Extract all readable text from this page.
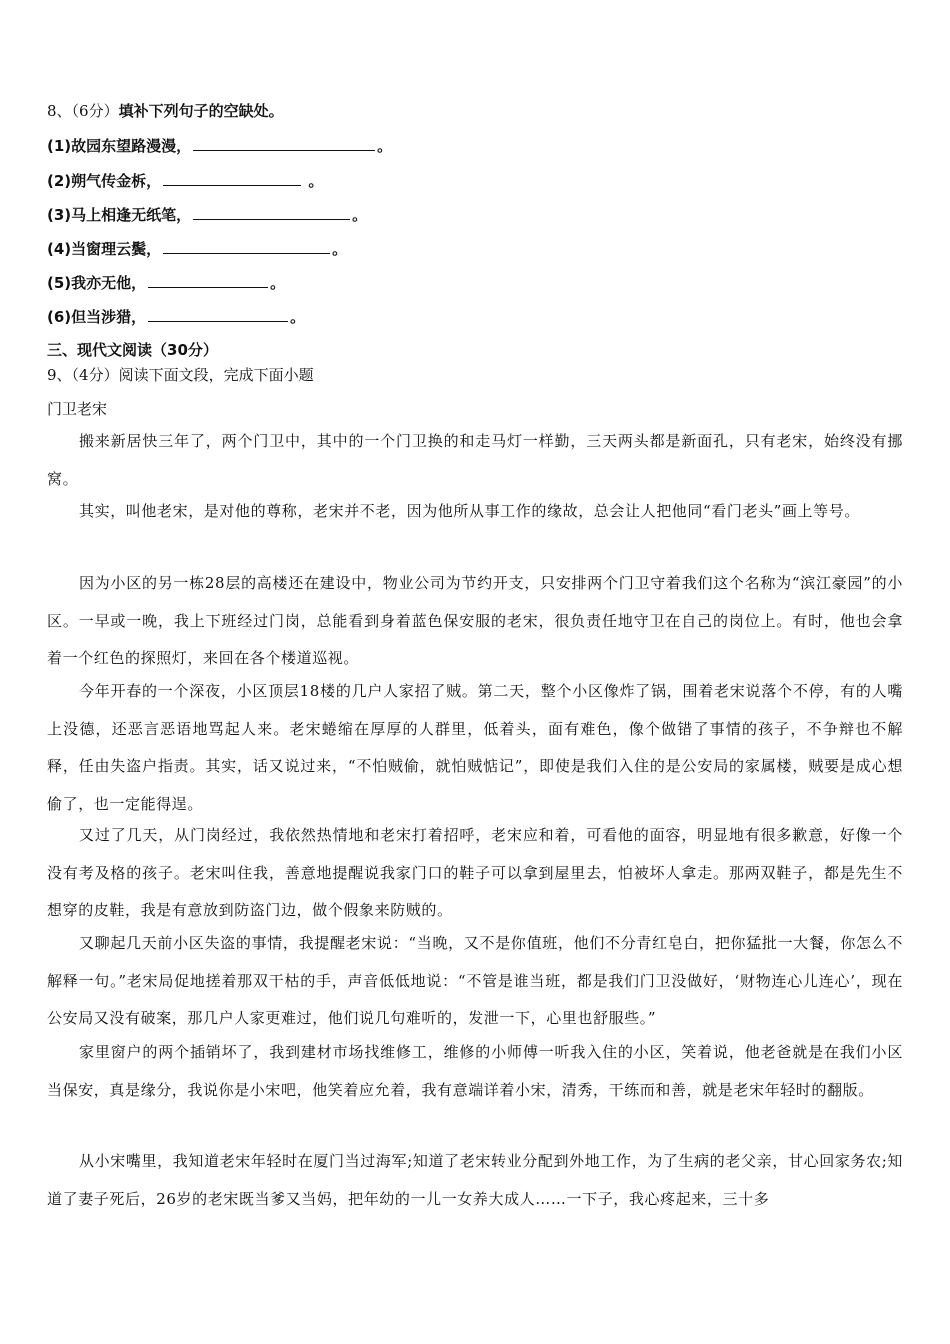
8、（6分）填补下列句子的空缺处。
(1)故园东望路漫漫，	。
(2)朔气传金柝，	。
(3)马上相逢无纸笔，	。
(4)当窗理云鬓，	。
(5)我亦无他，	。
(6)但当涉猎，	。
三、现代文阅读（30分）
9、（4分）阅读下面文段，完成下面小题
门卫老宋
搬来新居快三年了，两个门卫中，其中的一个门卫换的和走马灯一样勤，三天两头都是新面孔，只有老宋，始终没有挪窝。
其实，叫他老宋，是对他的尊称，老宋并不老，因为他所从事工作的缘故，总会让人把他同“看门老头”画上等号。
因为小区的另一栋28层的高楼还在建设中，物业公司为节约开支，只安排两个门卫守着我们这个名称为“滨江豪园”的小区。一早或一晚，我上下班经过门岗，总能看到身着蓝色保安服的老宋，很负责任地守卫在自己的岗位上。有时，他也会拿着一个红色的探照灯，来回在各个楼道巡视。
今年开春的一个深夜，小区顶层18楼的几户人家招了贼。第二天，整个小区像炸了锅，围着老宋说落个不停，有的人嘴上没德，还恶言恶语地骂起人来。老宋蜷缩在厚厚的人群里，低着头，面有难色，像个做错了事情的孩子，不争辩也不解释，任由失盗户指责。其实，话又说过来，“不怕贼偷，就怕贼惦记”，即使是我们入住的是公安局的家属楼，贼要是成心想偷了，也一定能得逞。
又过了几天，从门岗经过，我依然热情地和老宋打着招呼，老宋应和着，可看他的面容，明显地有很多歉意，好像一个没有考及格的孩子。老宋叫住我，善意地提醒说我家门口的鞋子可以拿到屋里去，怕被坏人拿走。那两双鞋子，都是先生不想穿的皮鞋，我是有意放到防盗门边，做个假象来防贼的。
又聊起几天前小区失盗的事情，我提醒老宋说：“当晚，又不是你值班，他们不分青红皂白，把你猛批一大餐，你怎么不解释一句。”老宋局促地搓着那双干枯的手，声音低低地说：“不管是谁当班，都是我们门卫没做好，‘财物连心儿连心’，现在公安局又没有破案，那几户人家更难过，他们说几句难听的，发泄一下，心里也舒服些。”
家里窗户的两个插销坏了，我到建材市场找维修工，维修的小师傅一听我入住的小区，笑着说，他老爸就是在我们小区当保安，真是缘分，我说你是小宋吧，他笑着应允着，我有意端详着小宋，清秀，干练而和善，就是老宋年轻时的翻版。
从小宋嘴里，我知道老宋年轻时在厦门当过海军;知道了老宋转业分配到外地工作，为了生病的老父亲，甘心回家务农;知道了妻子死后，26岁的老宋既当爹又当妈，把年幼的一儿一女养大成人……一下子，我心疼起来，三十多
